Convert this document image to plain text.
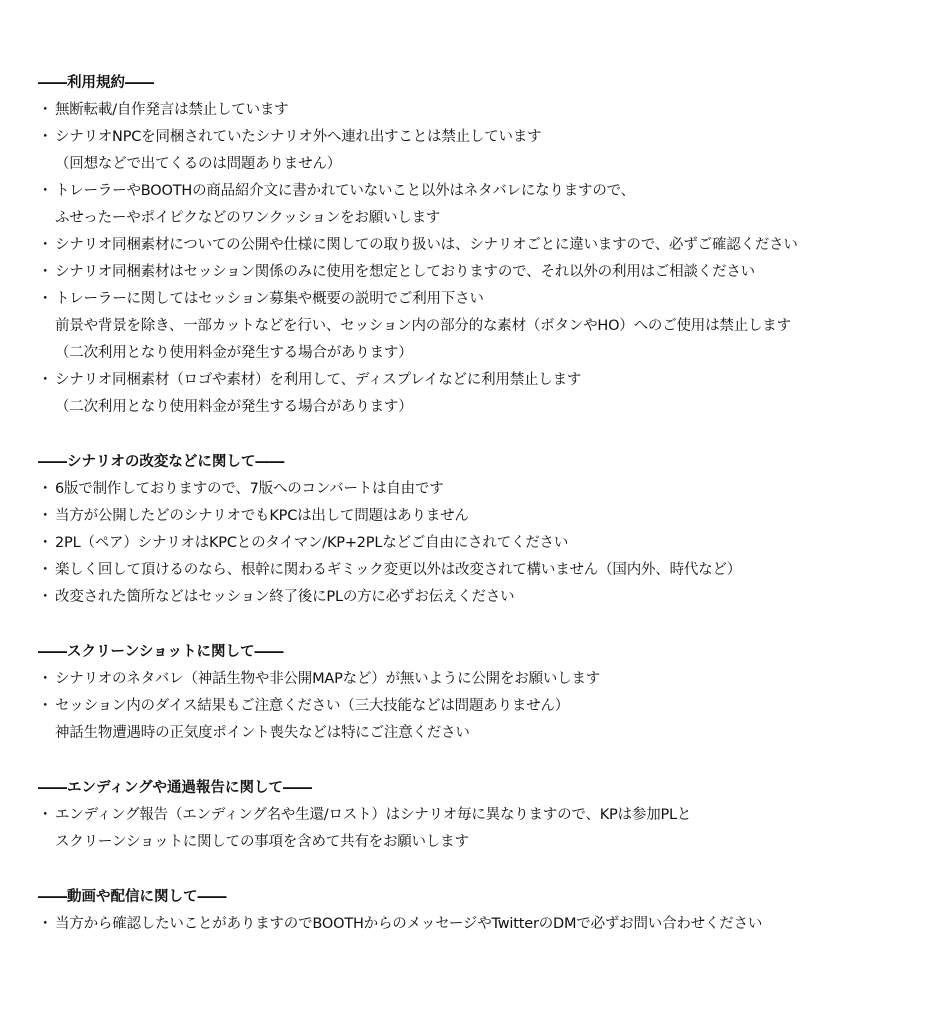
――利用規約――
・ 無断転載/自作発言は禁止しています
・ シナリオNPCを同梱されていたシナリオ外へ連れ出すことは禁止しています
（回想などで出てくるのは問題ありません）
・ トレーラーやBOOTHの商品紹介文に書かれていないこと以外はネタバレになりますので、
ふせったーやポイピクなどのワンクッションをお願いします
・ シナリオ同梱素材についての公開や仕様に関しての取り扱いは、シナリオごとに違いますので、必ずご確認ください
・ シナリオ同梱素材はセッション関係のみに使用を想定としておりますので、それ以外の利用はご相談ください
・ トレーラーに関してはセッション募集や概要の説明でご利用下さい
前景や背景を除き、一部カットなどを行い、セッション内の部分的な素材（ボタンやHO）へのご使用は禁止します
（二次利用となり使用料金が発生する場合があります）
・ シナリオ同梱素材（ロゴや素材）を利用して、ディスプレイなどに利用禁止します
（二次利用となり使用料金が発生する場合があります）
――シナリオの改変などに関して――
・ 6版で制作しておりますので、7版へのコンバートは自由です
・ 当方が公開したどのシナリオでもKPCは出して問題はありません
・ 2PL（ペア）シナリオはKPCとのタイマン/KP+2PLなどご自由にされてください
・ 楽しく回して頂けるのなら、根幹に関わるギミック変更以外は改変されて構いません（国内外、時代など）
・ 改変された箇所などはセッション終了後にPLの方に必ずお伝えください
――スクリーンショットに関して――
・ シナリオのネタバレ（神話生物や非公開MAPなど）が無いように公開をお願いします
・ セッション内のダイス結果もご注意ください（三大技能などは問題ありません）
神話生物遭遇時の正気度ポイント喪失などは特にご注意ください
――エンディングや通過報告に関して――
・ エンディング報告（エンディング名や生還/ロスト）はシナリオ毎に異なりますので、KPは参加PLと
スクリーンショットに関しての事項を含めて共有をお願いします
――動画や配信に関して――
・ 当方から確認したいことがありますのでBOOTHからのメッセージやTwitterのDMで必ずお問い合わせください
